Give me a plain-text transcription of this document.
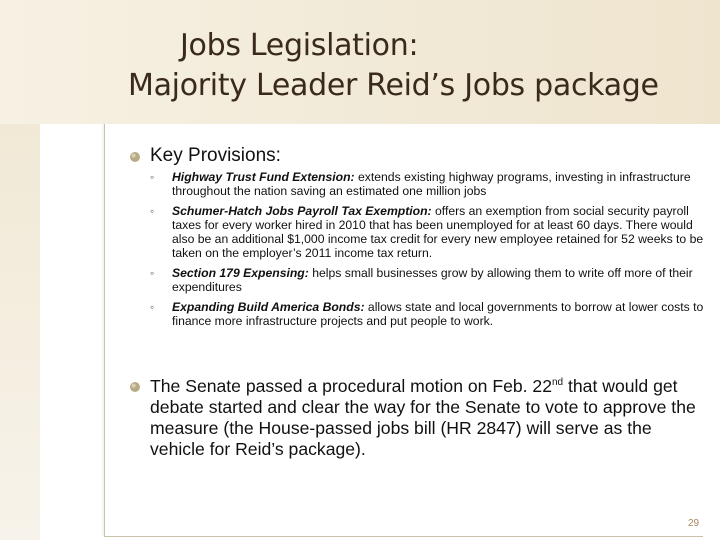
Jobs Legislation:
Majority Leader Reid’s Jobs package
Key Provisions:
◦ Highway Trust Fund Extension: extends existing highway programs, investing in infrastructure throughout the nation saving an estimated one million jobs
◦ Schumer-Hatch Jobs Payroll Tax Exemption: offers an exemption from social security payroll taxes for every worker hired in 2010 that has been unemployed for at least 60 days. There would also be an additional $1,000 income tax credit for every new employee retained for 52 weeks to be taken on the employer’s 2011 income tax return.
◦ Section 179 Expensing: helps small businesses grow by allowing them to write off more of their expenditures
◦ Expanding Build America Bonds: allows state and local governments to borrow at lower costs to finance more infrastructure projects and put people to work.
The Senate passed a procedural motion on Feb. 22nd that would get debate started and clear the way for the Senate to vote to approve the measure (the House-passed jobs bill (HR 2847) will serve as the vehicle for Reid’s package).
29
